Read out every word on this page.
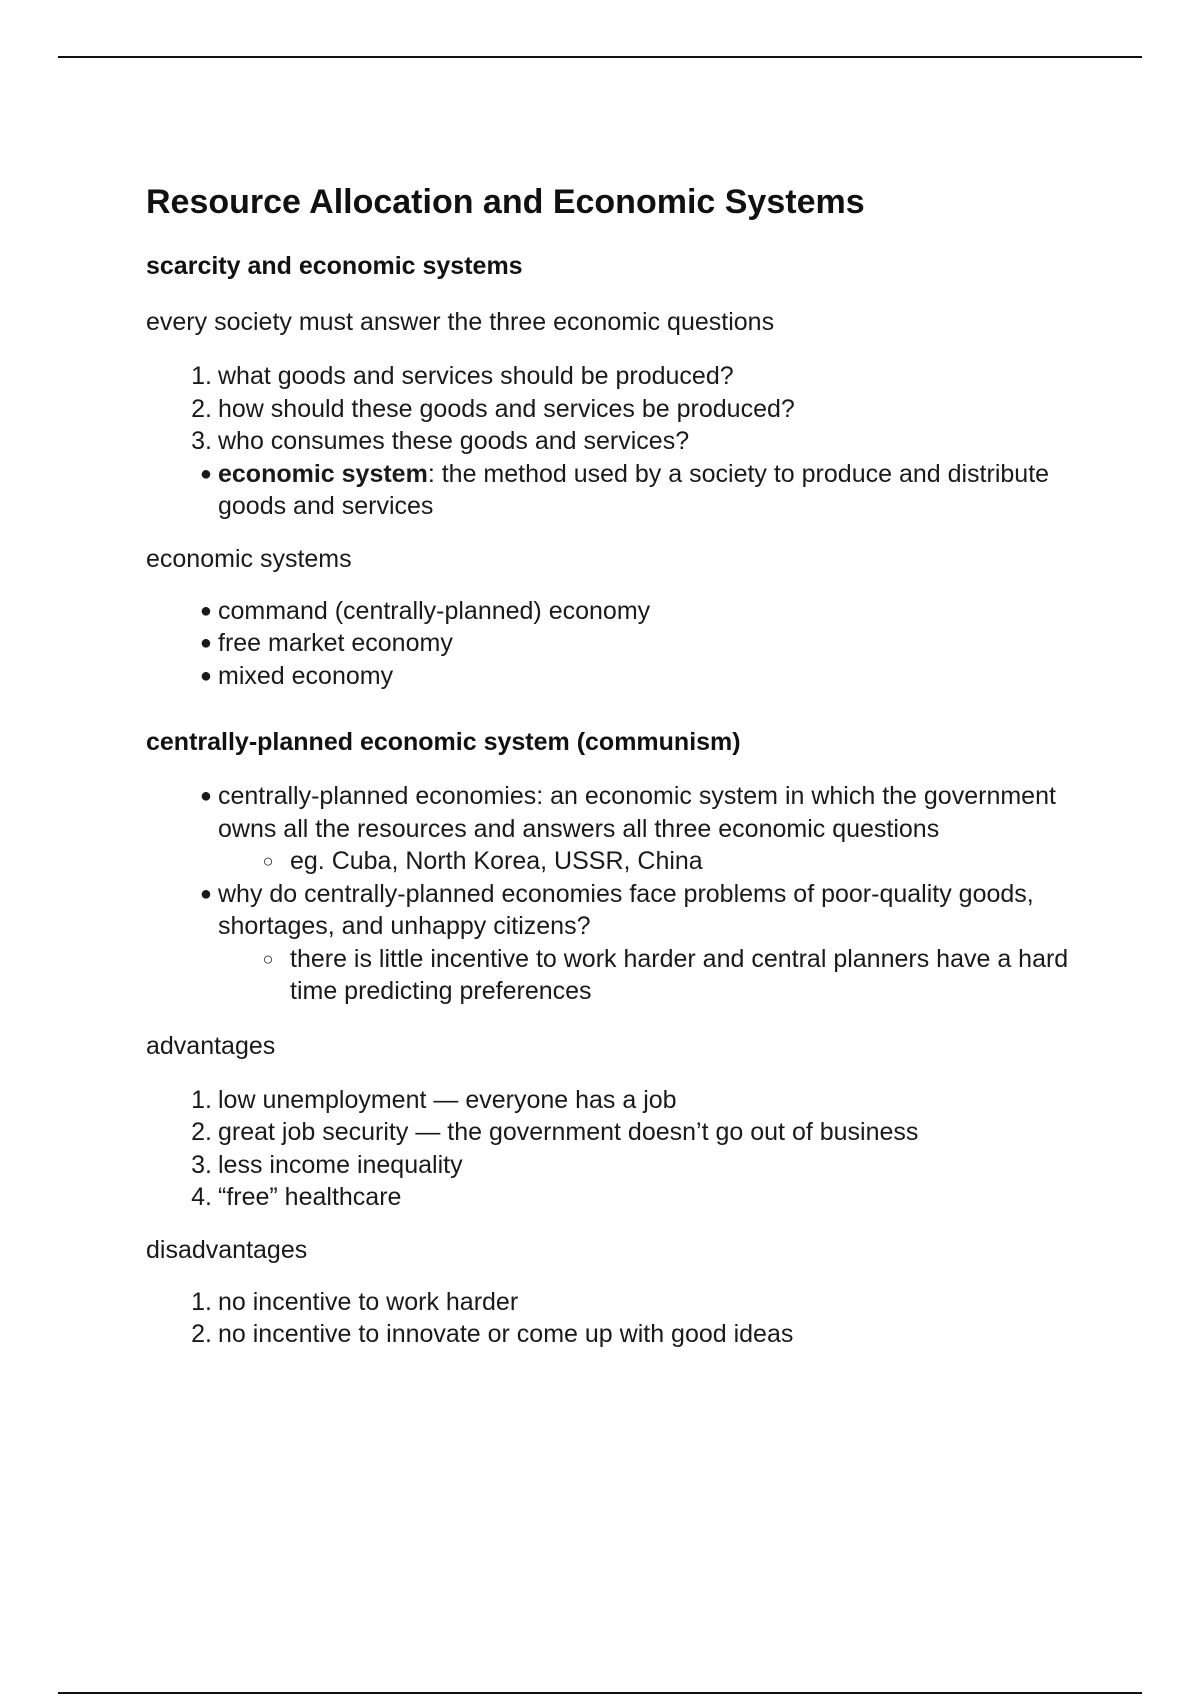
Resource Allocation and Economic Systems
scarcity and economic systems

every society must answer the three economic questions

1. what goods and services should be produced?
2. how should these goods and services be produced?
3. who consumes these goods and services?
● economic system: the method used by a society to produce and distribute goods and services

economic systems

● command (centrally-planned) economy
● free market economy
● mixed economy
centrally-planned economic system (communism)
● centrally-planned economies: an economic system in which the government owns all the resources and answers all three economic questions
○ eg. Cuba, North Korea, USSR, China
● why do centrally-planned economies face problems of poor-quality goods, shortages, and unhappy citizens?
○ there is little incentive to work harder and central planners have a hard time predicting preferences

advantages

1. low unemployment — everyone has a job
2. great job security — the government doesn’t go out of business
3. less income inequality
4. “free” healthcare

disadvantages

1. no incentive to work harder
2. no incentive to innovate or come up with good ideas
